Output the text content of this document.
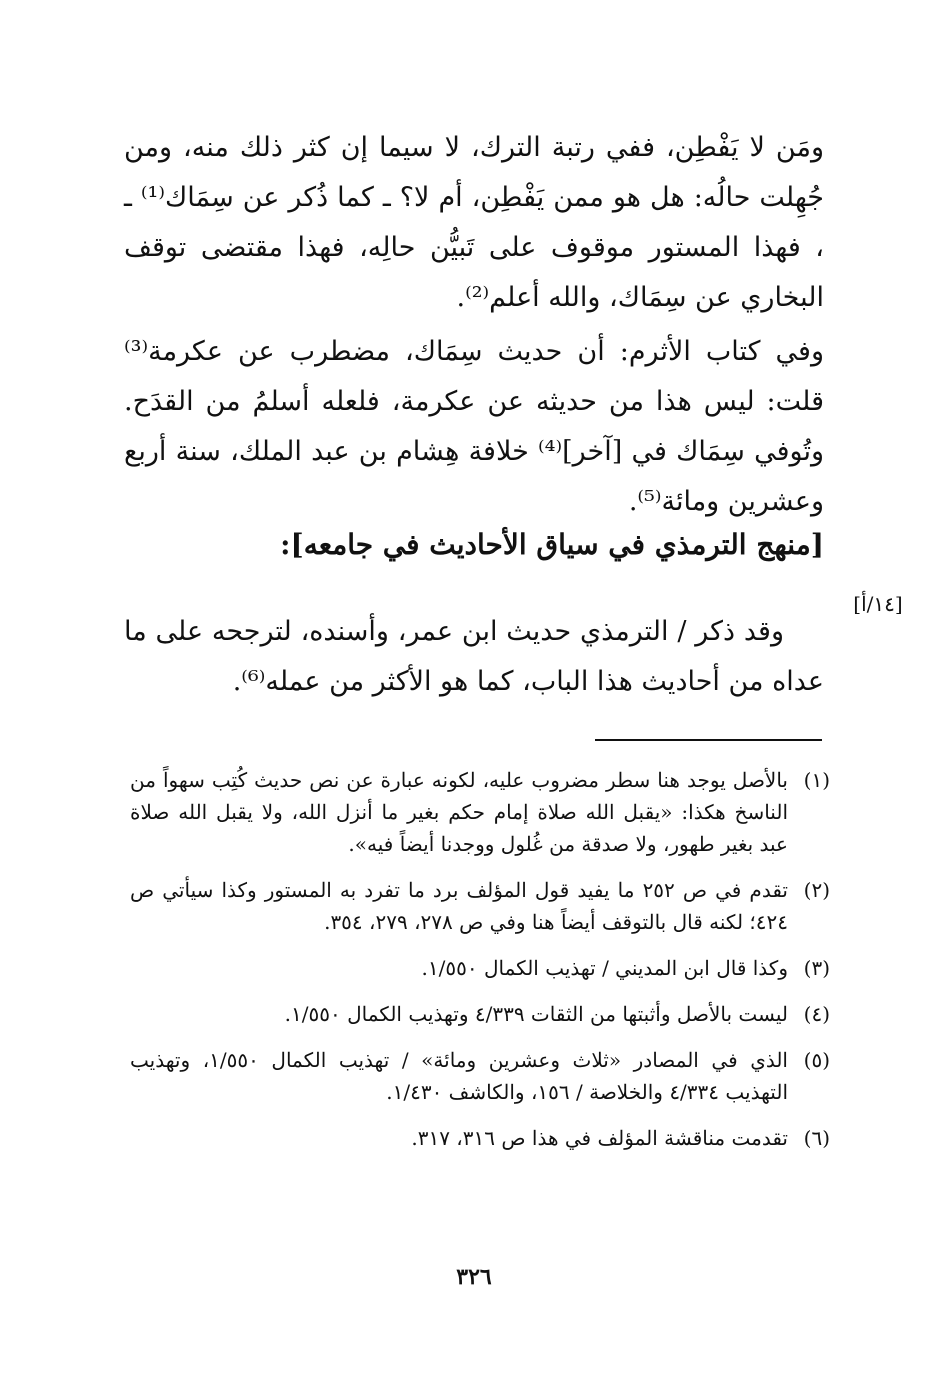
ومَن لا يَفْطِن، ففي رتبة الترك، لا سيما إن كثر ذلك منه، ومن جُهِلت حالُه: هل هو ممن يَفْطِن، أم لا؟ ـ كما ذُكر عن سِمَاك⁽¹⁾ ـ ، فهذا المستور موقوف على تَبيُّن حالِه، فهذا مقتضى توقف البخاري عن سِمَاك، والله أعلم⁽²⁾.

وفي كتاب الأثرم: أن حديث سِمَاك، مضطرب عن عكرمة⁽³⁾ قلت: ليس هذا من حديثه عن عكرمة، فلعله أسلمُ من القدَح. وتُوفي سِمَاك في [آخر]⁽⁴⁾ خلافة هِشام بن عبد الملك، سنة أربع وعشرين ومائة⁽⁵⁾.

[منهج الترمذي في سياق الأحاديث في جامعه]:
[١٤/أ]

وقد ذكر / الترمذي حديث ابن عمر، وأسنده، لترجحه على ما عداه من أحاديث هذا الباب، كما هو الأكثر من عمله⁽⁶⁾.

(١)
بالأصل يوجد هنا سطر مضروب عليه، لكونه عبارة عن نص حديث كُتِب سهواً من الناسخ هكذا: «يقبل الله صلاة إمام حكم بغير ما أنزل الله، ولا يقبل الله صلاة عبد بغير طهور، ولا صدقة من غُلول ووجدنا أيضاً فيه».
(٢)
تقدم في ص ٢٥٢ ما يفيد قول المؤلف برد ما تفرد به المستور وكذا سيأتي ص ٤٢٤؛ لكنه قال بالتوقف أيضاً هنا وفي ص ٢٧٨، ٢٧٩، ٣٥٤.
(٣)
وكذا قال ابن المديني / تهذيب الكمال ١/٥٥٠.
(٤)
ليست بالأصل وأثبتها من الثقات ٤/٣٣٩ وتهذيب الكمال ١/٥٥٠.
(٥)
الذي في المصادر «ثلاث وعشرين ومائة» / تهذيب الكمال ١/٥٥٠، وتهذيب التهذيب ٤/٣٣٤ والخلاصة / ١٥٦، والكاشف ١/٤٣٠.
(٦)
تقدمت مناقشة المؤلف في هذا ص ٣١٦، ٣١٧.
٣٢٦
